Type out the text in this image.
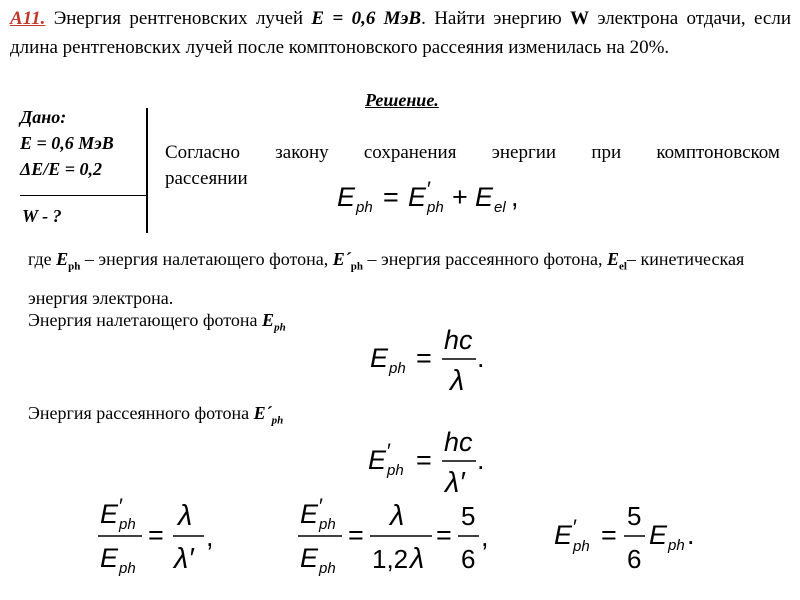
А11. Энергия рентгеновских лучей Е = 0,6 МэВ. Найти энергию W электрона отдачи, если длина рентгеновских лучей после комптоновского рассеяния изменилась на 20%.
Дано:
Е = 0,6 МэВ
ΔЕ/Е = 0,2
W - ?
Решение.
Согласно закону сохранения энергии при комптоновском
рассеянии
E ph = E ′
ph + E el ,
где $E_{ph}$ – энергия налетающего фотона, $E´_{ph}$ – энергия рассеянного фотона, $E_{el}-$ кинетическая энергия электрона.
Энергия налетающего фотона $E_{ph}$
E ph =
hc
λ
.
Энергия рассеянного фотона $E´_{ph}$
E ′
ph =
hc
λ′
.
E ′
ph
E ph
=
λ
λ′
,
E ′
ph
E ph
=
λ
1,2 λ
=
5
6
, E ′
ph =
5
6
E ph .
